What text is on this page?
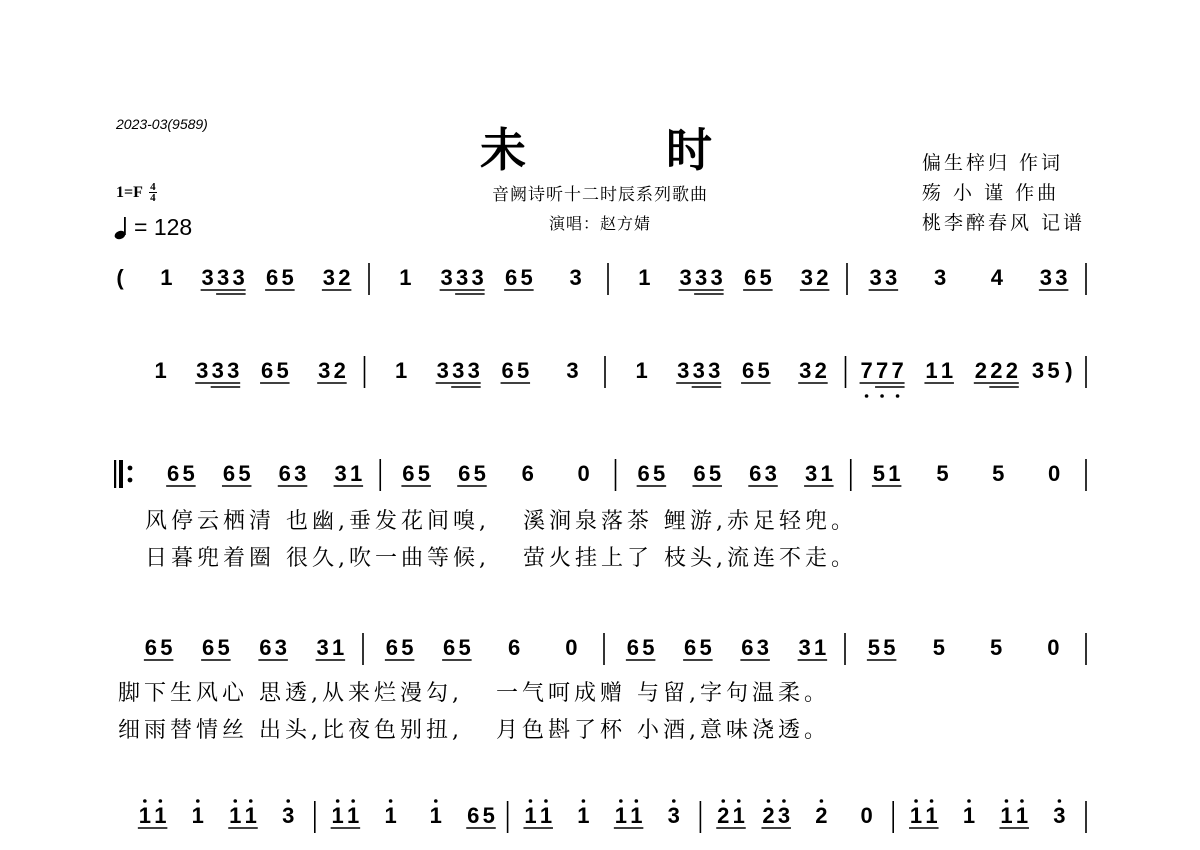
2023-03(9589)	未时
音阙诗听十二时辰系列歌曲
演唱：赵方婧
偏生梓归 作词
殇 小 谨 作曲
桃李醉春风 记谱
$1=F \frac{4}{4}$
= 128
( 1 3 3 3 6 5 3 2 1 3 3 3 6 5 3	1 3 3 3 6 5 3 2 3 3 3 4 3 3
1 3 3 3 6 5 3 2 1 3 3 3 6 5 3	1 3 3 3 6 5 3 2 7 7 7 1 1 2 2 2 3 5 )
6 5 6 5 6 3 3 1 6 5 6 5 6 0 6 5 6 5 6 3 3 1 5 1 5 5 0
6 5 6 5 6 3 3 1 6 5 6 5 6 0 6 5 6 5 6 3 3 1 5 5 5 5 0
1 1 1 1 1 3 1 1 1 1 6 5 1 1 1 1 1 3 2 1 2 3 2 0 1 1 1 1 1 3
风停云栖清 也幽,垂发花间嗅,   溪涧泉落茶 鲤游,赤足轻兜。
日暮兜着圈 很久,吹一曲等候,   萤火挂上了 枝头,流连不走。
脚下生风心 思透,从来烂漫勾,   一气呵成赠 与留,字句温柔。
细雨替情丝 出头,比夜色别扭,   月色斟了杯 小酒,意味浇透。
